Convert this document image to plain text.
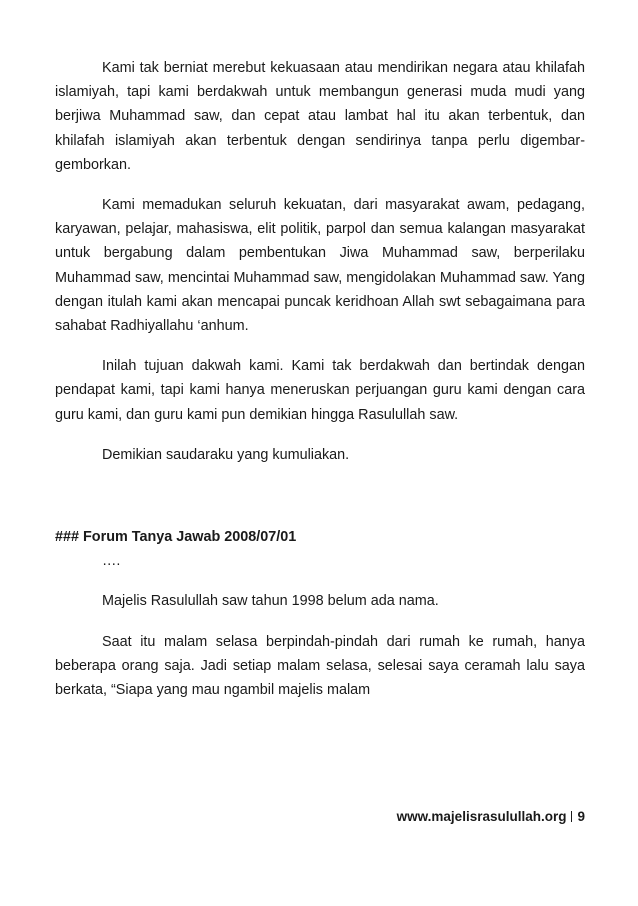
Kami tak berniat merebut kekuasaan atau mendirikan negara atau khilafah islamiyah, tapi kami berdakwah untuk membangun generasi muda mudi yang berjiwa Muhammad saw, dan cepat atau lambat hal itu akan terbentuk, dan khilafah islamiyah akan terbentuk dengan sendirinya tanpa perlu digembar-gemborkan.

Kami memadukan seluruh kekuatan, dari masyarakat awam, pedagang, karyawan, pelajar, mahasiswa, elit politik, parpol dan semua kalangan masyarakat untuk bergabung dalam pembentukan Jiwa Muhammad saw, berperilaku Muhammad saw, mencintai Muhammad saw, mengidolakan Muhammad saw. Yang dengan itulah kami akan mencapai puncak keridhoan Allah swt sebagaimana para sahabat Radhiyallahu ‘anhum.

Inilah tujuan dakwah kami. Kami tak berdakwah dan bertindak dengan pendapat kami, tapi kami hanya meneruskan perjuangan guru kami dengan cara guru kami, dan guru kami pun demikian hingga Rasulullah saw.

Demikian saudaraku yang kumuliakan.

### Forum Tanya Jawab 2008/07/01

….

Majelis Rasulullah saw tahun 1998 belum ada nama.

Saat itu malam selasa berpindah-pindah dari rumah ke rumah, hanya beberapa orang saja. Jadi setiap malam selasa, selesai saya ceramah lalu saya berkata, “Siapa yang mau ngambil majelis malam

www.majelisrasulullah.org 9
